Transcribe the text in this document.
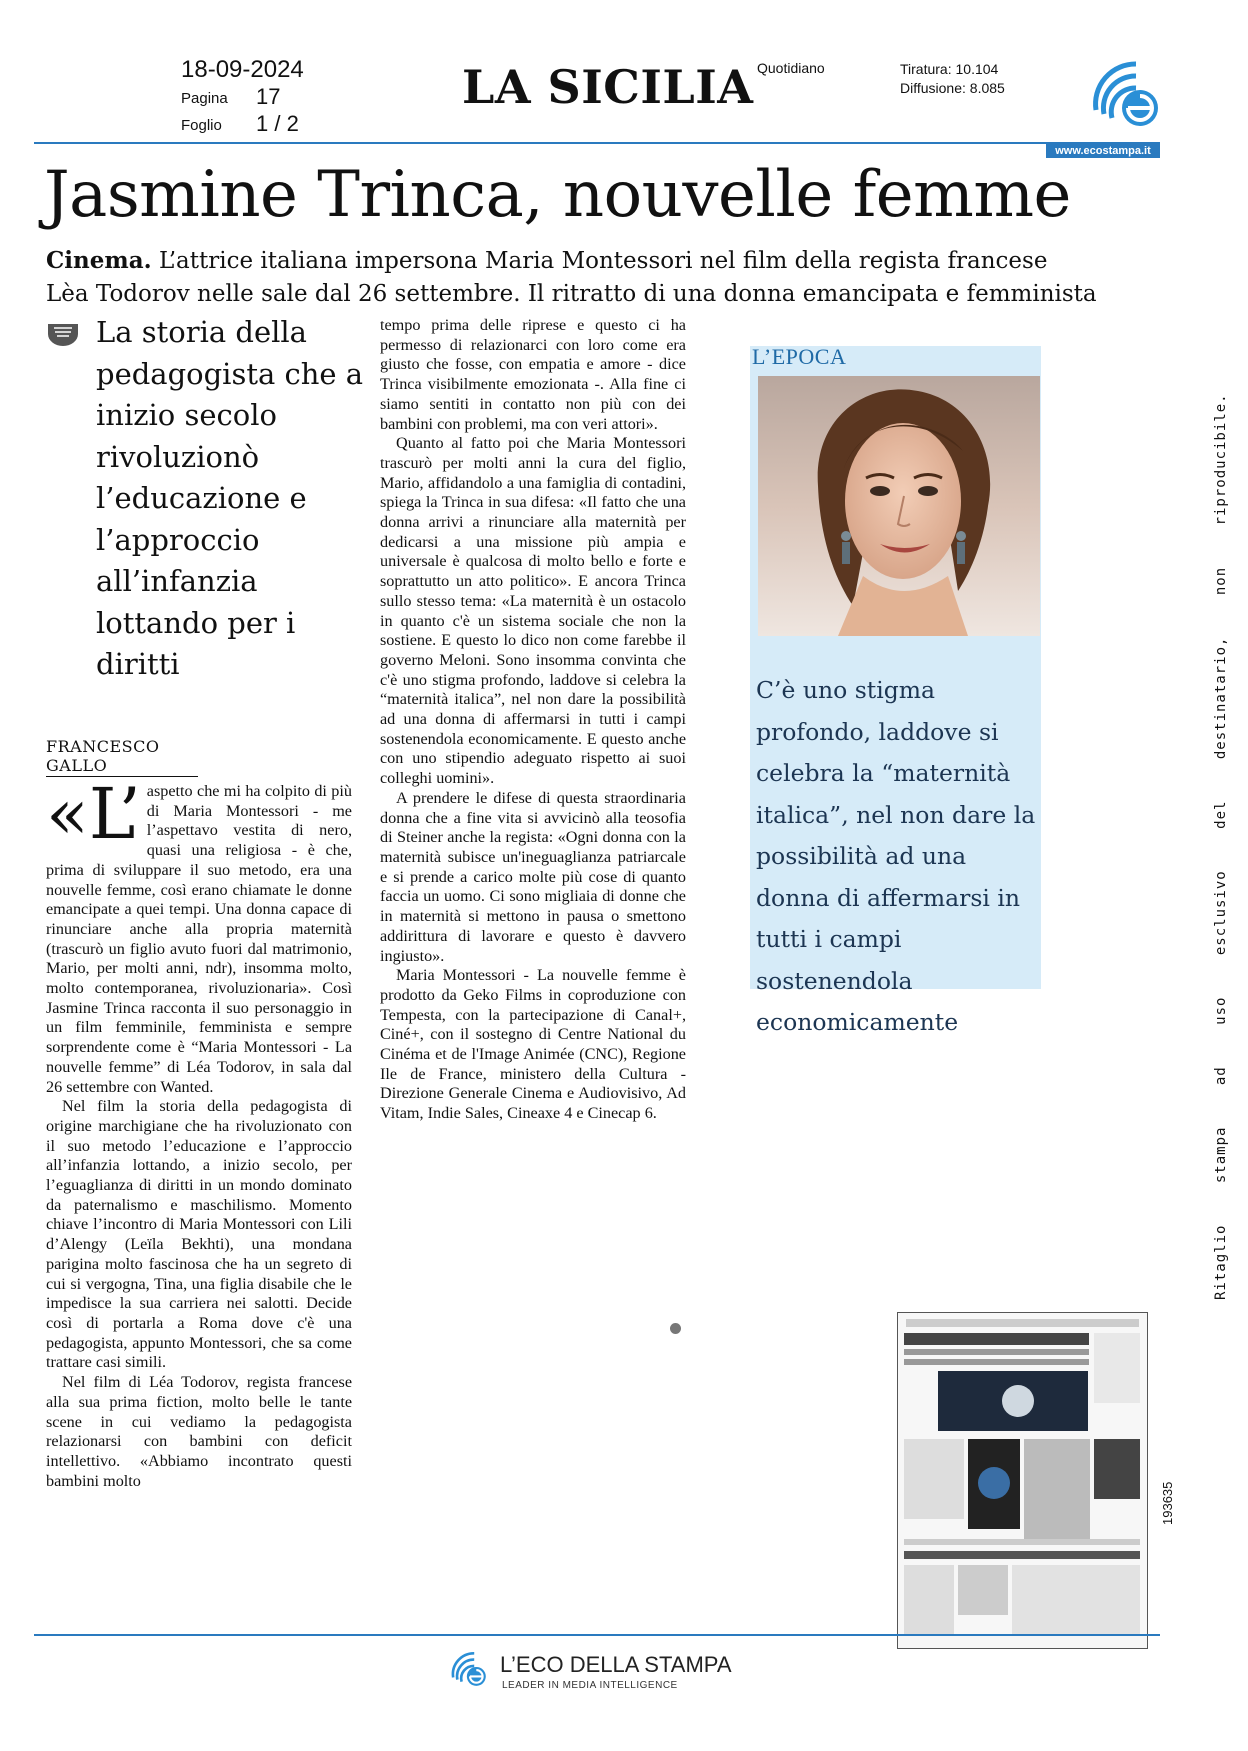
18-09-2024
Pagina 17
Foglio 1 / 2
LA SICILIA Quotidiano	Tiratura: 10.104
Diffusione: 8.085
www.ecostampa.it
Jasmine Trinca, nouvelle femme
Cinema. L’attrice italiana impersona Maria Montessori nel film della regista francese
Lèa Todorov nelle sale dal 26 settembre. Il ritratto di una donna emancipata e femminista
La storia della pedagogista che a inizio secolo rivoluzionò l’educazione e l’approccio all’infanzia lottando per i diritti
FRANCESCO GALLO

«L’ aspetto che mi ha colpito di più di Maria Montessori - me l’aspettavo vestita di nero, quasi una religiosa - è che, prima di sviluppare il suo metodo, era una nouvelle femme, così erano chiamate le donne emancipate a quei tempi. Una donna capace di rinunciare anche alla propria maternità (trascurò un figlio avuto fuori dal matrimonio, Mario, per molti anni, ndr), insomma molto, molto contemporanea, rivoluzionaria». Così Jasmine Trinca racconta il suo personaggio in un film femminile, femminista e sempre sorprendente come è “Maria Montessori - La nouvelle femme” di Léa Todorov, in sala dal 26 settembre con Wanted.

Nel film la storia della pedagogista di origine marchigiane che ha rivoluzionato con il suo metodo l’educazione e l’approccio all’infanzia lottando, a inizio secolo, per l’eguaglianza di diritti in un mondo dominato da paternalismo e maschilismo. Momento chiave l’incontro di Maria Montessori con Lili d’Alengy (Leïla Bekhti), una mondana parigina molto fascinosa che ha un segreto di cui si vergogna, Tina, una figlia disabile che le impedisce la sua carriera nei salotti. Decide così di portarla a Roma dove c'è una pedagogista, appunto Montessori, che sa come trattare casi simili.

Nel film di Léa Todorov, regista francese alla sua prima fiction, molto belle le tante scene in cui vediamo la pedagogista relazionarsi con bambini con deficit intellettivo. «Abbiamo incontrato questi bambini molto

tempo prima delle riprese e questo ci ha permesso di relazionarci con loro come era giusto che fosse, con empatia e amore - dice Trinca visibilmente emozionata -. Alla fine ci siamo sentiti in contatto non più con dei bambini con problemi, ma con veri attori».

Quanto al fatto poi che Maria Montessori trascurò per molti anni la cura del figlio, Mario, affidandolo a una famiglia di contadini, spiega la Trinca in sua difesa: «Il fatto che una donna arrivi a rinunciare alla maternità per dedicarsi a una missione più ampia e universale è qualcosa di molto bello e forte e soprattutto un atto politico». E ancora Trinca sullo stesso tema: «La maternità è un ostacolo in quanto c'è un sistema sociale che non la sostiene. E questo lo dico non come farebbe il governo Meloni. Sono insomma convinta che c'è uno stigma profondo, laddove si celebra la “maternità italica”, nel non dare la possibilità ad una donna di affermarsi in tutti i campi sostenendola economicamente. E questo anche con uno stipendio adeguato rispetto ai suoi colleghi uomini».

A prendere le difese di questa straordinaria donna che a fine vita si avvicinò alla teosofia di Steiner anche la regista: «Ogni donna con la maternità subisce un'ineguaglianza patriarcale e si prende a carico molte più cose di quanto faccia un uomo. Ci sono migliaia di donne che in maternità si mettono in pausa o smettono addirittura di lavorare e questo è davvero ingiusto».

Maria Montessori - La nouvelle femme è prodotto da Geko Films in coproduzione con Tempesta, con la partecipazione di Canal+, Ciné+, con il sostegno di Centre National du Cinéma et de l'Image Animée (CNC), Regione Ile de France, ministero della Cultura - Direzione Generale Cinema e Audiovisivo, Ad Vitam, Indie Sales, Cineaxe 4 e Cinecap 6.

L’EPOCA
C’è uno stigma profondo, laddove si celebra la “maternità italica”, nel non dare la possibilità ad una donna di affermarsi in tutti i campi sostenendola economicamente	Ritaglio stampa ad uso esclusivo del destinatario, non riproducibile.
193635
L’ECO DELLA STAMPA
LEADER IN MEDIA INTELLIGENCE
